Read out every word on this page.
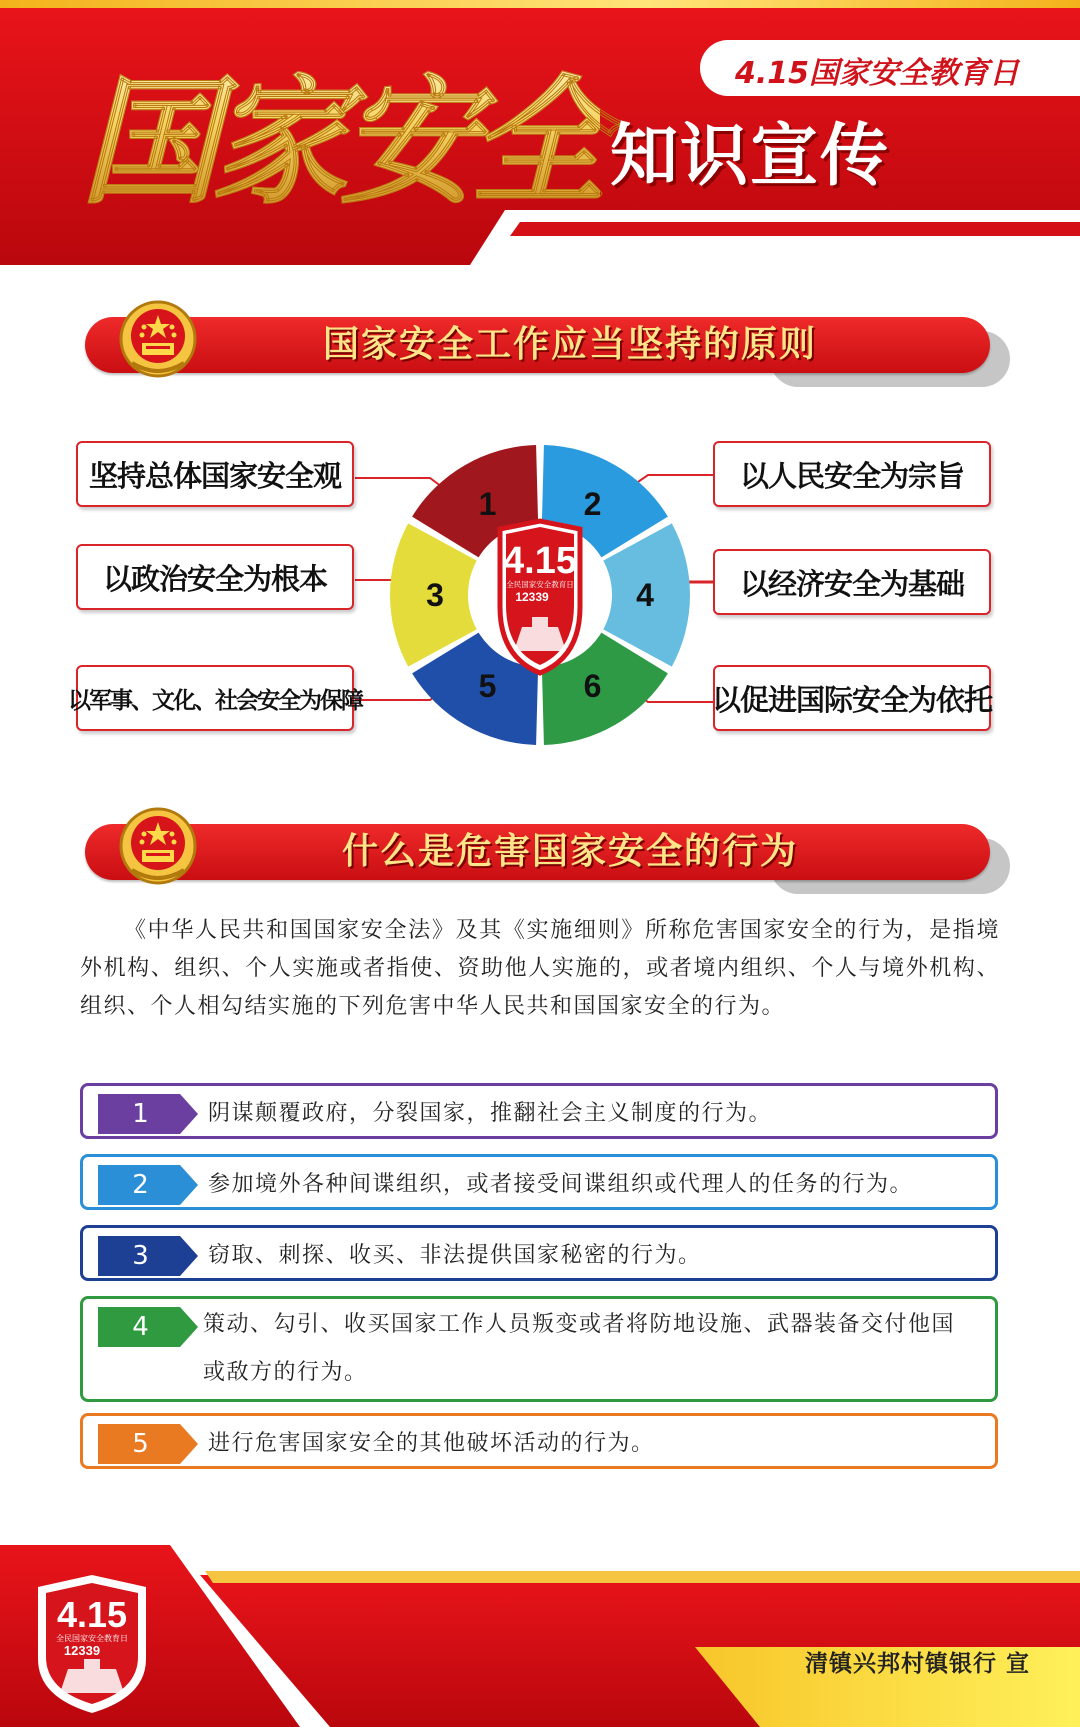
国家安全	4.15国家安全教育日
知识宣传
国家安全工作应当坚持的原则
2
4
6
5
3
1
4.15
全民国家安全教育日
12339
坚持总体国家安全观	以人民安全为宗旨
以政治安全为根本	以经济安全为基础
以军事、文化、社会安全为保障	以促进国际安全为依托
什么是危害国家安全的行为
《中华人民共和国国家安全法》及其《实施细则》所称危害国家安全的行为，是指境外机构、组织、个人实施或者指使、资助他人实施的，或者境内组织、个人与境外机构、组织、个人相勾结实施的下列危害中华人民共和国国家安全的行为。
1	阴谋颠覆政府，分裂国家，推翻社会主义制度的行为。
2	参加境外各种间谍组织，或者接受间谍组织或代理人的任务的行为。
3	窃取、刺探、收买、非法提供国家秘密的行为。
4	策动、勾引、收买国家工作人员叛变或者将防地设施、武器装备交付他国或敌方的行为。
5	进行危害国家安全的其他破坏活动的行为。
4.15
全民国家安全教育日
12339
清镇兴邦村镇银行 宣
